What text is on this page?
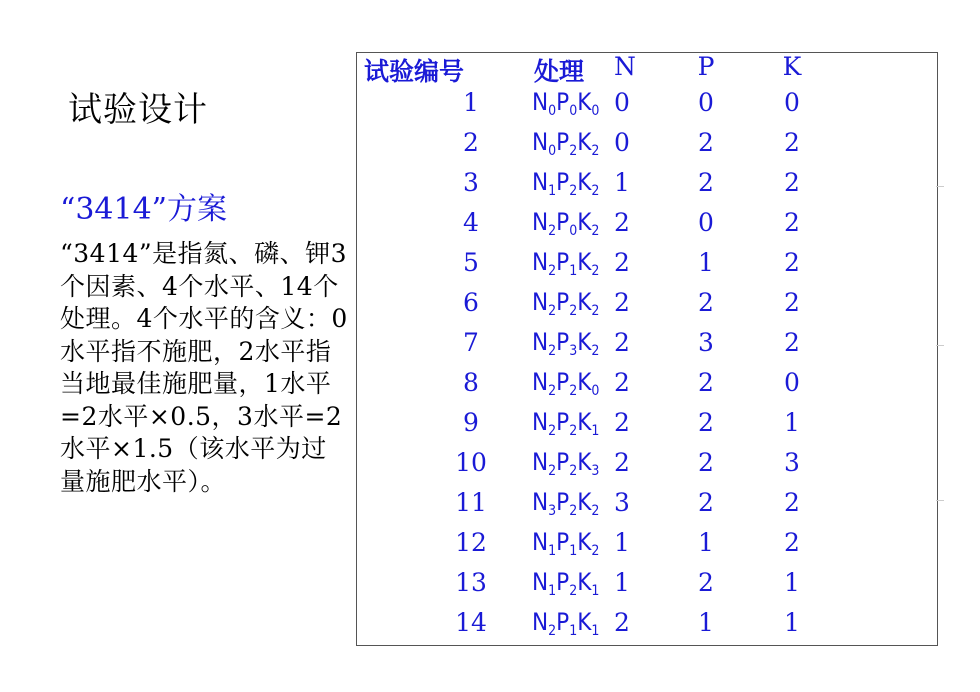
试验设计
“3414”方案
“3414”是指氮、磷、钾3个因素、4个水平、14个处理。4个水平的含义：0水平指不施肥，2水平指当地最佳施肥量，1水平=2水平×0.5，3水平=2水平×1.5（该水平为过量施肥水平）。
试验编号	处理 N P	K
1	$N_0P_0K_0$ 0	0	0
2	$N_0P_2K_2$ 0	2	2
3	$N_1P_2K_2$ 1	2	2
4	$N_2P_0K_2$ 2	0	2
5	$N_2P_1K_2$ 2	1	2
6	$N_2P_2K_2$ 2	2	2
7	$N_2P_3K_2$ 2	3	2
8	$N_2P_2K_0$ 2	2	0
9	$N_2P_2K_1$ 2	2	1
10	$N_2P_2K_3$ 2	2	3
11	$N_3P_2K_2$ 3	2	2
12	$N_1P_1K_2$ 1	1	2
13	$N_1P_2K_1$ 1	2	1
14	$N_2P_1K_1$ 2	1	1
